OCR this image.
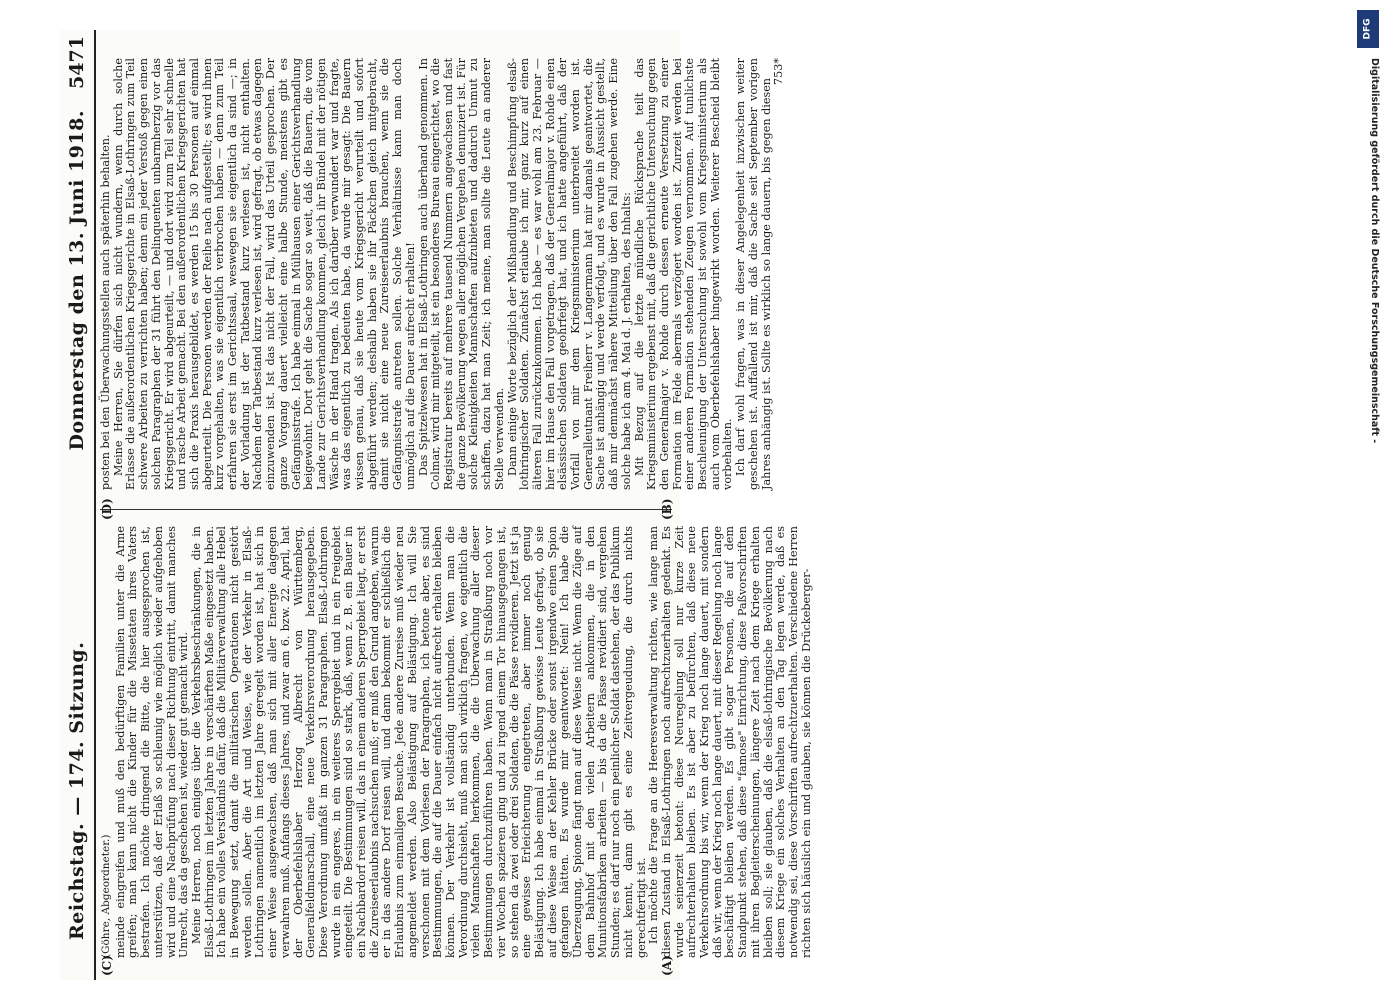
Reichstag. — 174. Sitzung.
Donnerstag den 13. Juni 1918.
5471
(Göhre, Abgeordneter.) meinde eingreifen und muß den bedürftigen Familien unter die Arme greifen; man kann nicht die Kinder für die Missetaten ihres Vaters bestrafen. Ich möchte dringend die Bitte, die hier ausgesprochen ist, unterstützen, daß der Erlaß so schleunig wie möglich wieder aufgehoben wird und eine Nachprüfung nach dieser Richtung eintritt, damit manches Unrecht, das da geschehen ist, wieder gut gemacht wird. Meine Herren, noch einiges über die Verkehrsbeschränkungen, die in Elsaß-Lothringen im letzten Jahre in verschärften Maße eingesetzt haben. Ich habe ein volles Verständnis dafür, daß die Militärverwaltung alle Hebel in Bewegung setzt, damit die militärischen Operationen nicht gestört werden sollen. Aber die Art und Weise, wie der Verkehr in Elsaß-Lothringen namentlich im letzten Jahre geregelt worden ist, hat sich in einer Weise ausgewachsen, daß man sich mit aller Energie dagegen verwahren muß. Anfangs dieses Jahres, und zwar am 6. bzw. 22. April, hat der Oberbefehlshaber Herzog Albrecht von Württemberg, Generalfeldmarschall, eine neue Verkehrsverordnung herausgegeben. Diese Verordnung umfaßt im ganzen 31 Paragraphen. Elsaß-Lothringen wurde in ein engeres, in ein weiteres Sperrgebiet und in ein Freigebiet eingeteilt. Die Bestimmungen sind so stark, daß, wenn z. B. ein Bauer in ein Nachbardorf reisen will, das in einem anderen Sperrgebiet liegt, er erst die Zureiseerlaubnis nachsuchen muß; er muß den Grund angeben, warum er in das andere Dorf reisen will, und dann bekommt er schließlich die Erlaubnis zum einmaligen Besuche. Jede andere Zureise muß wieder neu angemeldet werden. Also Belästigung auf Belästigung. Ich will Sie verschonen mit dem Vorlesen der Paragraphen, ich betone aber, es sind Bestimmungen, die auf die Dauer einfach nicht aufrecht erhalten bleiben können. Der Verkehr ist vollständig unterbunden. Wenn man die Verordnung durchsieht, muß man sich wirklich fragen, wo eigentlich die vielen Mannschaften herkommen, die die Überwachung aller dieser Bestimmungen durchzuführen haben. Wenn man in Straßburg noch vor vier Wochen spazieren ging und zu irgend einem Tor hinausgegangen ist, so stehen da zwei oder drei Soldaten, die die Pässe revidieren. Jetzt ist ja eine gewisse Erleichterung eingetreten, aber immer noch genug Belästigung. Ich habe einmal in Straßburg gewisse Leute gefragt, ob sie auf diese Weise an der Kehler Brücke oder sonst irgendwo einen Spion gefangen hätten. Es wurde mir geantwortet: Nein! Ich habe die Überzeugung, Spione fängt man auf diese Weise nicht. Wenn die Züge auf dem Bahnhof mit den vielen Arbeitern ankommen, die in den Munitionsfabriken arbeiten — bis da die Pässe revidiert sind, vergehen Stunden; es darf nur noch ein peinlicher Soldat dastehen, der das Publikum nicht kennt, dann gibt es eine Zeitvergeudung, die durch nichts gerechtfertigt ist. Ich möchte die Frage an die Heeresverwaltung richten, wie lange man diesen Zustand in Elsaß-Lothringen noch aufrechtzuerhalten gedenkt. Es wurde seinerzeit betont: diese Neuregelung soll nur kurze Zeit aufrechterhalten bleiben. Es ist aber zu befürchten, daß diese neue Verkehrsordnung bis wir, wenn der Krieg noch lange dauert, mit sondern daß wir, wenn der Krieg noch lange dauert, mit dieser Regelung noch lange beschäftigt bleiben werden. Es gibt sogar Personen, die auf dem Standpunkt stehen, daß diese "famose" Einrichtung, diese Paßvorschriften mit ihren Begleiterscheinungen, längere Zeit nach dem Kriege erhalten bleiben soll; sie glauben, daß die elsaß-lothringische Bevölkerung nach diesem Kriege ein solches Verhalten an den Tag legen werde, daß es notwendig sei, diese Vorschriften aufrechtzuerhalten. Verschiedene Herren richten sich häuslich ein und glauben, sie können die Drückeberger-

posten bei den Überwachungsstellen auch späterhin behalten. Meine Herren, Sie dürfen sich nicht wundern, wenn durch solche Erlasse die außerordentlichen Kriegsgerichte in Elsaß-Lothringen zum Teil schwere Arbeiten zu verrichten haben; denn ein jeder Verstoß gegen einen solchen Paragraphen der 31 führt den Delinquenten unbarmherzig vor das Kriegsgericht. Er wird abgeurteilt, — und dort wird zum Teil sehr schnelle und rasche Arbeit gemacht. Bei den außerordentlichen Kriegsgerichten hat sich die Praxis herausgebildet, es werden 15 bis 30 Personen auf einmal abgeurteilt. Die Personen werden der Reihe nach aufgestellt; es wird ihnen kurz vorgehalten, was sie eigentlich verbrochen haben — denn zum Teil erfahren sie erst im Gerichtssaal, weswegen sie eigentlich da sind —; in der Vorladung ist der Tatbestand kurz verlesen ist, nicht enthalten. Nachdem der Tatbestand kurz verlesen ist, wird gefragt, ob etwas dagegen einzuwenden ist. Ist das nicht der Fall, wird das Urteil gesprochen. Der ganze Vorgang dauert vielleicht eine halbe Stunde, meistens gibt es Gefängnisstrafe. Ich habe einmal in Mülhausen einer Gerichtsverhandlung beigewohnt. Dort geht die Sache sogar so weit, daß die Bauern, die vom Lande zur Gerichtsverhandlung kommen, gleich ihr Bündel mit der nötigen Wäsche in der Hand tragen. Als ich darüber verwundert war und fragte, was das eigentlich zu bedeuten habe, da wurde mir gesagt: Die Bauern wissen genau, daß sie heute vom Kriegsgericht verurteilt und sofort abgeführt werden; deshalb haben sie ihr Päckchen gleich mitgebracht, damit sie nicht eine neue Zureiseerlaubnis brauchen, wenn sie die Gefängnisstrafe antreten sollen. Solche Verhältnisse kann man doch unmöglich auf die Dauer aufrecht erhalten! Das Spitzelwesen hat in Elsaß-Lothringen auch überhand genommen. In Colmar, wird mir mitgeteilt, ist ein besonderes Bureau eingerichtet, wo die Registratur bereits auf mehrere tausend Nummern angewachsen und fast die ganze Bevölkerung wegen aller möglichen Vergehen denunziert ist. Für solche Kleinigkeiten Mannschaften aufzubieten und dadurch Unmut zu schaffen, dazu hat man Zeit; ich meine, man sollte die Leute an anderer Stelle verwenden. Dann einige Worte bezüglich der Mißhandlung und Beschimpfung elsaß-lothringischer Soldaten. Zunächst erlaube ich mir, ganz kurz auf einen älteren Fall zurückzukommen. Ich habe — es war wohl am 23. Februar — hier im Hause den Fall vorgetragen, daß der Generalmajor v. Rohde einen elsässischen Soldaten geohrfeigt hat, und ich hatte angeführt, daß der Vorfall von mir dem Kriegsministerium unterbreitet worden ist. Generalleutnant Freiherr v. Langermann hat mir damals geantwortet, die Sache ist anhängig und werde verfolgt, und es wurde in Aussicht gestellt, daß mir demnächst nähere Mitteilung über den Fall zugehen werde. Eine solche habe ich am 4. Mai d. J. erhalten, des Inhalts: Mit Bezug auf die letzte mündliche Rücksprache teilt das Kriegsministerium ergebenst mit, daß die gerichtliche Untersuchung gegen den Generalmajor v. Rohde durch dessen erneute Versetzung zu einer Formation im Felde abermals verzögert worden ist. Zurzeit werden bei einer anderen Formation stehenden Zeugen vernommen. Auf tunlichste Beschleunigung der Untersuchung ist sowohl vom Kriegsministerium als auch vom Oberbefehlshaber hingewirkt worden. Weiterer Bescheid bleibt vorbehalten. Ich darf wohl fragen, was in dieser Angelegenheit inzwischen weiter geschehen ist. Auffallend ist mir, daß die Sache seit September vorigen Jahres anhängig ist. Sollte es wirklich so lange dauern, bis gegen diesen

753*

(A)
(B)
(C)
(D)
DFG
Digitalisierung gefördert durch die Deutsche Forschungsgemeinschaft -
